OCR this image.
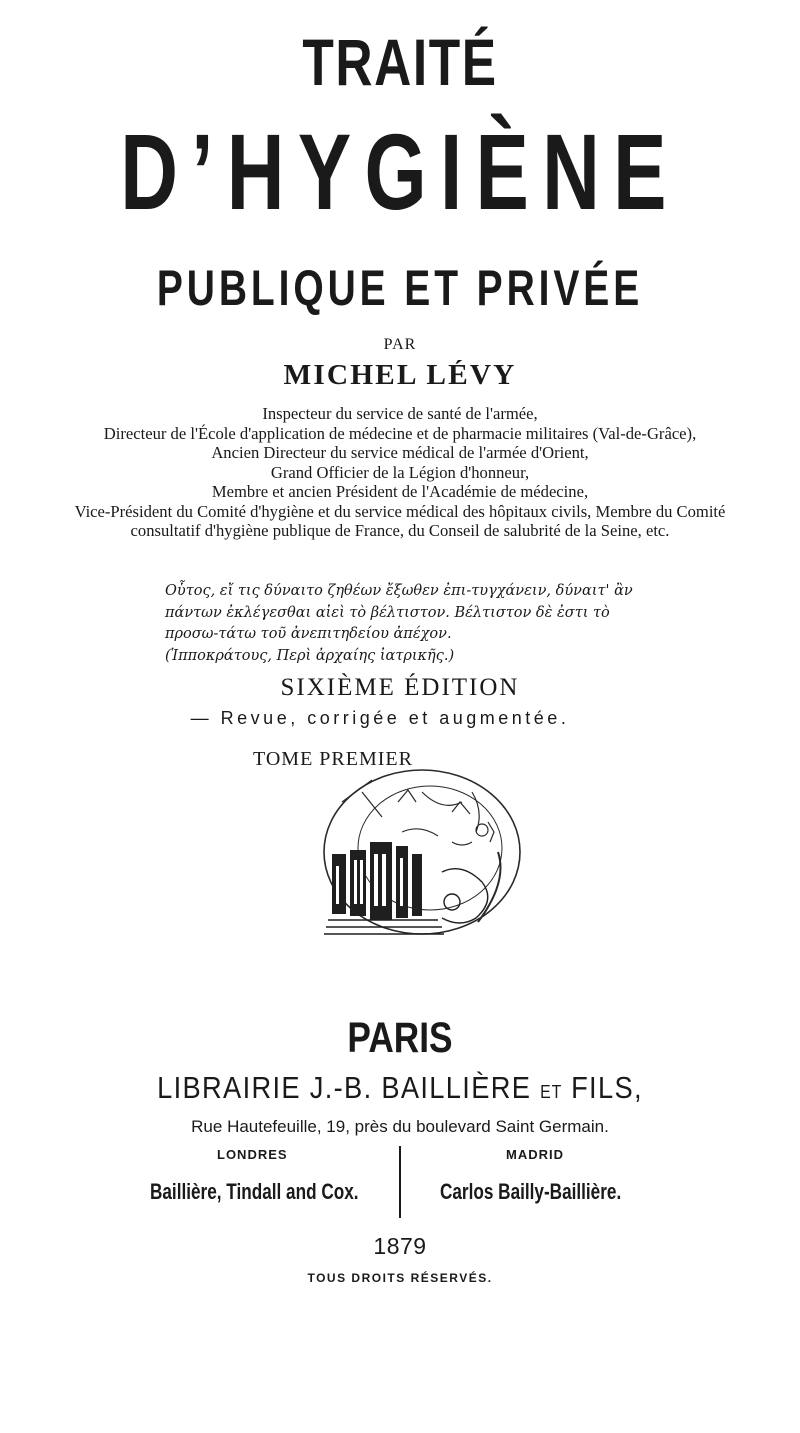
TRAITÉ
D’HYGIÈNE
PUBLIQUE ET PRIVÉE
PAR
MICHEL LÉVY
Inspecteur du service de santé de l'armée,
Directeur de l'École d'application de médecine et de pharmacie militaires (Val-de-Grâce),
Ancien Directeur du service médical de l'armée d'Orient,
Grand Officier de la Légion d'honneur,
Membre et ancien Président de l'Académie de médecine,
Vice-Président du Comité d'hygiène et du service médical des hôpitaux civils, Membre du Comité
consultatif d'hygiène publique de France, du Conseil de salubrité de la Seine, etc.
Οὗτος, εἴ τις δύναιτο ζηθέων ἔξωθεν ἐπι-τυγχάνειν, δύναιτ' ἂν πάντων ἐκλέγεσθαι αἰεὶ τὸ βέλτιστον. Βέλτιστον δὲ ἐστι τὸ προσω-τάτω τοῦ ἀνεπιτηδείου ἀπέχον.
(Ἱπποκράτους, Περὶ ἀρχαίης ἰατρικῆς.)
SIXIÈME ÉDITION
— Revue, corrigée et augmentée.
TOME PREMIER
PARIS
LIBRAIRIE J.-B. BAILLIÈRE ET FILS,
Rue Hautefeuille, 19, près du boulevard Saint Germain.
LONDRES
Baillière, Tindall and Cox.
MADRID
Carlos Bailly-Baillière.
1879
TOUS DROITS RÉSERVÉS.
